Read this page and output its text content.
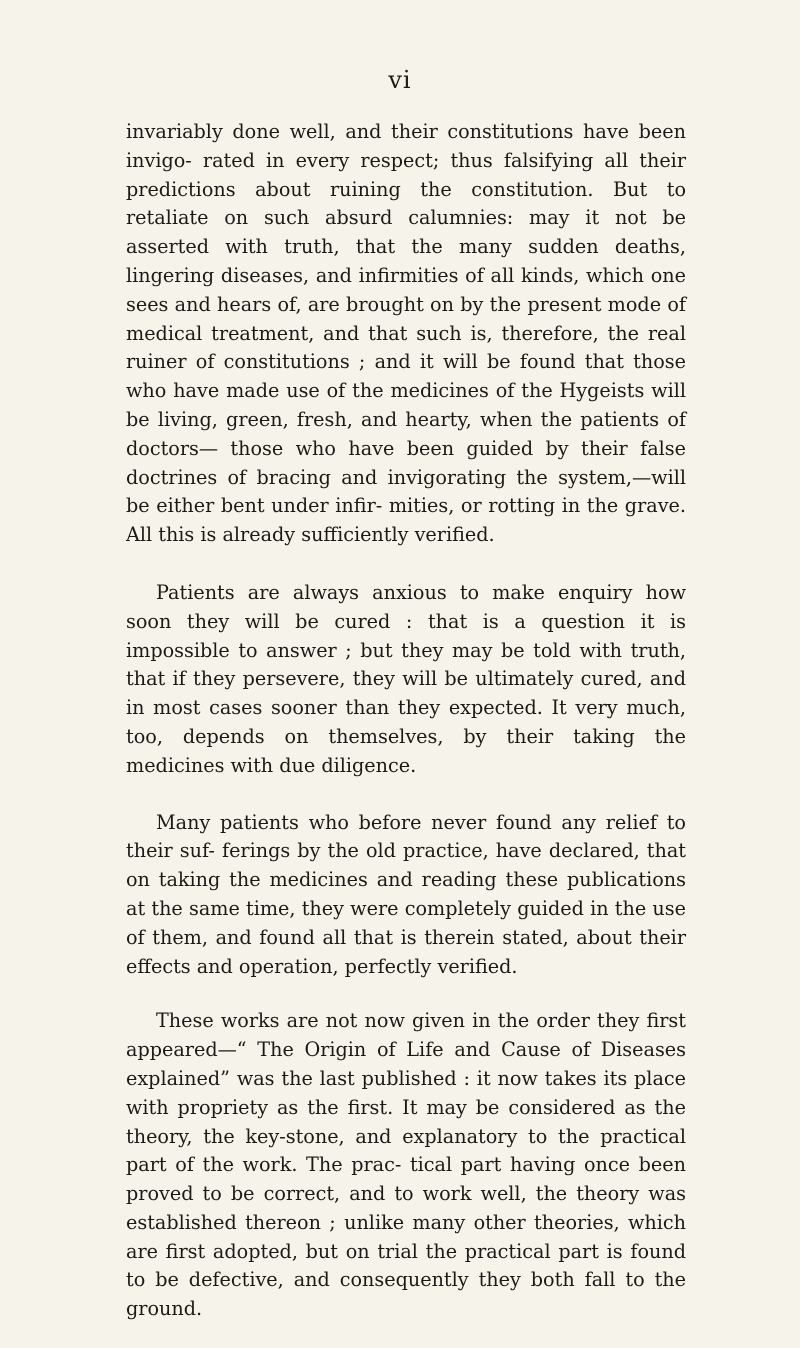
vi

invariably done well, and their constitutions have been invigo- rated in every respect; thus falsifying all their predictions about ruining the constitution. But to retaliate on such absurd calumnies: may it not be asserted with truth, that the many sudden deaths, lingering diseases, and infirmities of all kinds, which one sees and hears of, are brought on by the present mode of medical treatment, and that such is, therefore, the real ruiner of constitutions ; and it will be found that those who have made use of the medicines of the Hygeists will be living, green, fresh, and hearty, when the patients of doctors— those who have been guided by their false doctrines of bracing and invigorating the system,—will be either bent under infir- mities, or rotting in the grave. All this is already sufficiently verified.

Patients are always anxious to make enquiry how soon they will be cured : that is a question it is impossible to answer ; but they may be told with truth, that if they persevere, they will be ultimately cured, and in most cases sooner than they expected. It very much, too, depends on themselves, by their taking the medicines with due diligence.

Many patients who before never found any relief to their suf- ferings by the old practice, have declared, that on taking the medicines and reading these publications at the same time, they were completely guided in the use of them, and found all that is therein stated, about their effects and operation, perfectly verified.

These works are not now given in the order they first appeared—“ The Origin of Life and Cause of Diseases explained” was the last published : it now takes its place with propriety as the first. It may be considered as the theory, the key-stone, and explanatory to the practical part of the work. The prac- tical part having once been proved to be correct, and to work well, the theory was established thereon ; unlike many other theories, which are first adopted, but on trial the practical part is found to be defective, and consequently they both fall to the ground.
